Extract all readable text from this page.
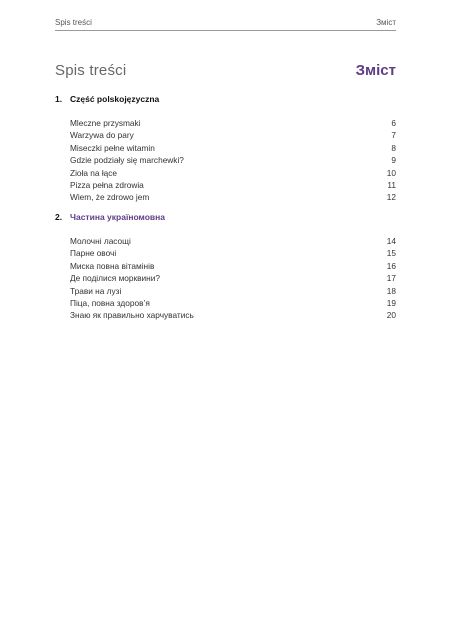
Spis treści	Зміст
Spis treści	Зміст
1. Część polskojęzyczna
Mleczne przysmaki	6
Warzywa do pary	7
Miseczki pełne witamin	8
Gdzie podziały się marchewki?	9
Zioła na łące	10
Pizza pełna zdrowia	11
Wiem, że zdrowo jem	12
2. Частина україномовна
Молочні ласощі	14
Парне овочі	15
Миска повна вітамінів	16
Де поділися морквини?	17
Трави на лузі	18
Піца, повна здоров’я	19
Знаю як правильно харчуватись	20
